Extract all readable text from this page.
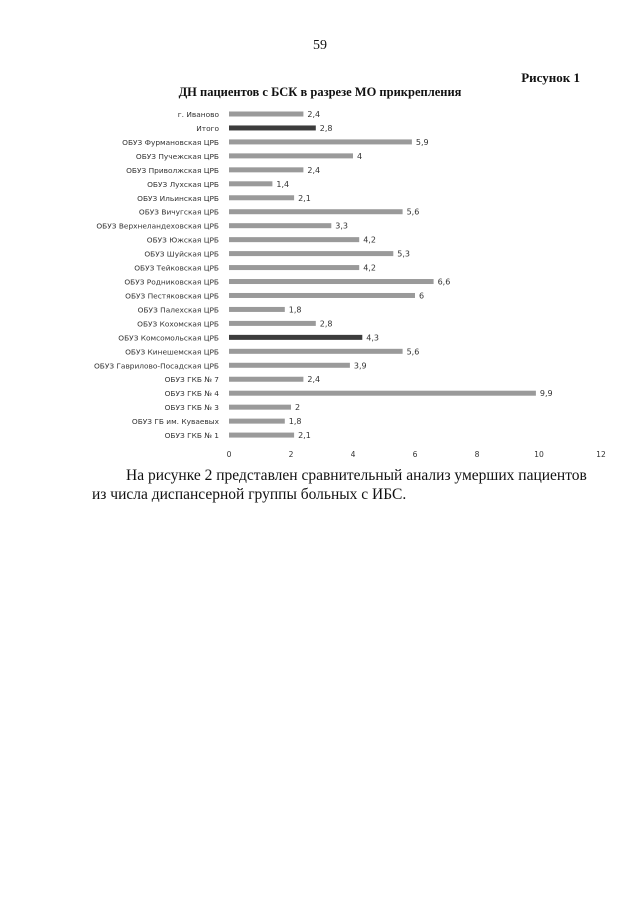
59
Рисунок 1
ДН пациентов с БСК в разрезе МО прикрепления
г. Иваново	2,4
Итого	2,8
ОБУЗ Фурмановская ЦРБ	5,9
ОБУЗ Пучежская ЦРБ	4
ОБУЗ Приволжская ЦРБ	2,4
ОБУЗ Лухская ЦРБ	1,4
ОБУЗ Ильинская ЦРБ	2,1
ОБУЗ Вичугская ЦРБ	5,6
ОБУЗ Верхнеландеховская ЦРБ	3,3
ОБУЗ Южская ЦРБ	4,2
ОБУЗ Шуйская ЦРБ	5,3
ОБУЗ Тейковская ЦРБ	4,2
ОБУЗ Родниковская ЦРБ	6,6
ОБУЗ Пестяковская ЦРБ	6
ОБУЗ Палехская ЦРБ	1,8
ОБУЗ Кохомская ЦРБ	2,8
ОБУЗ Комсомольская ЦРБ	4,3
ОБУЗ Кинешемская ЦРБ	5,6
ОБУЗ Гаврилово-Посадская ЦРБ	3,9
ОБУЗ ГКБ № 7	2,4
ОБУЗ ГКБ № 4	9,9
ОБУЗ ГКБ № 3	2
ОБУЗ ГБ им. Куваевых	1,8
ОБУЗ ГКБ № 1	2,1
0	2	4	6	8	10	12
На рисунке 2 представлен сравнительный анализ умерших пациентов
из числа диспансерной группы больных с ИБС.
